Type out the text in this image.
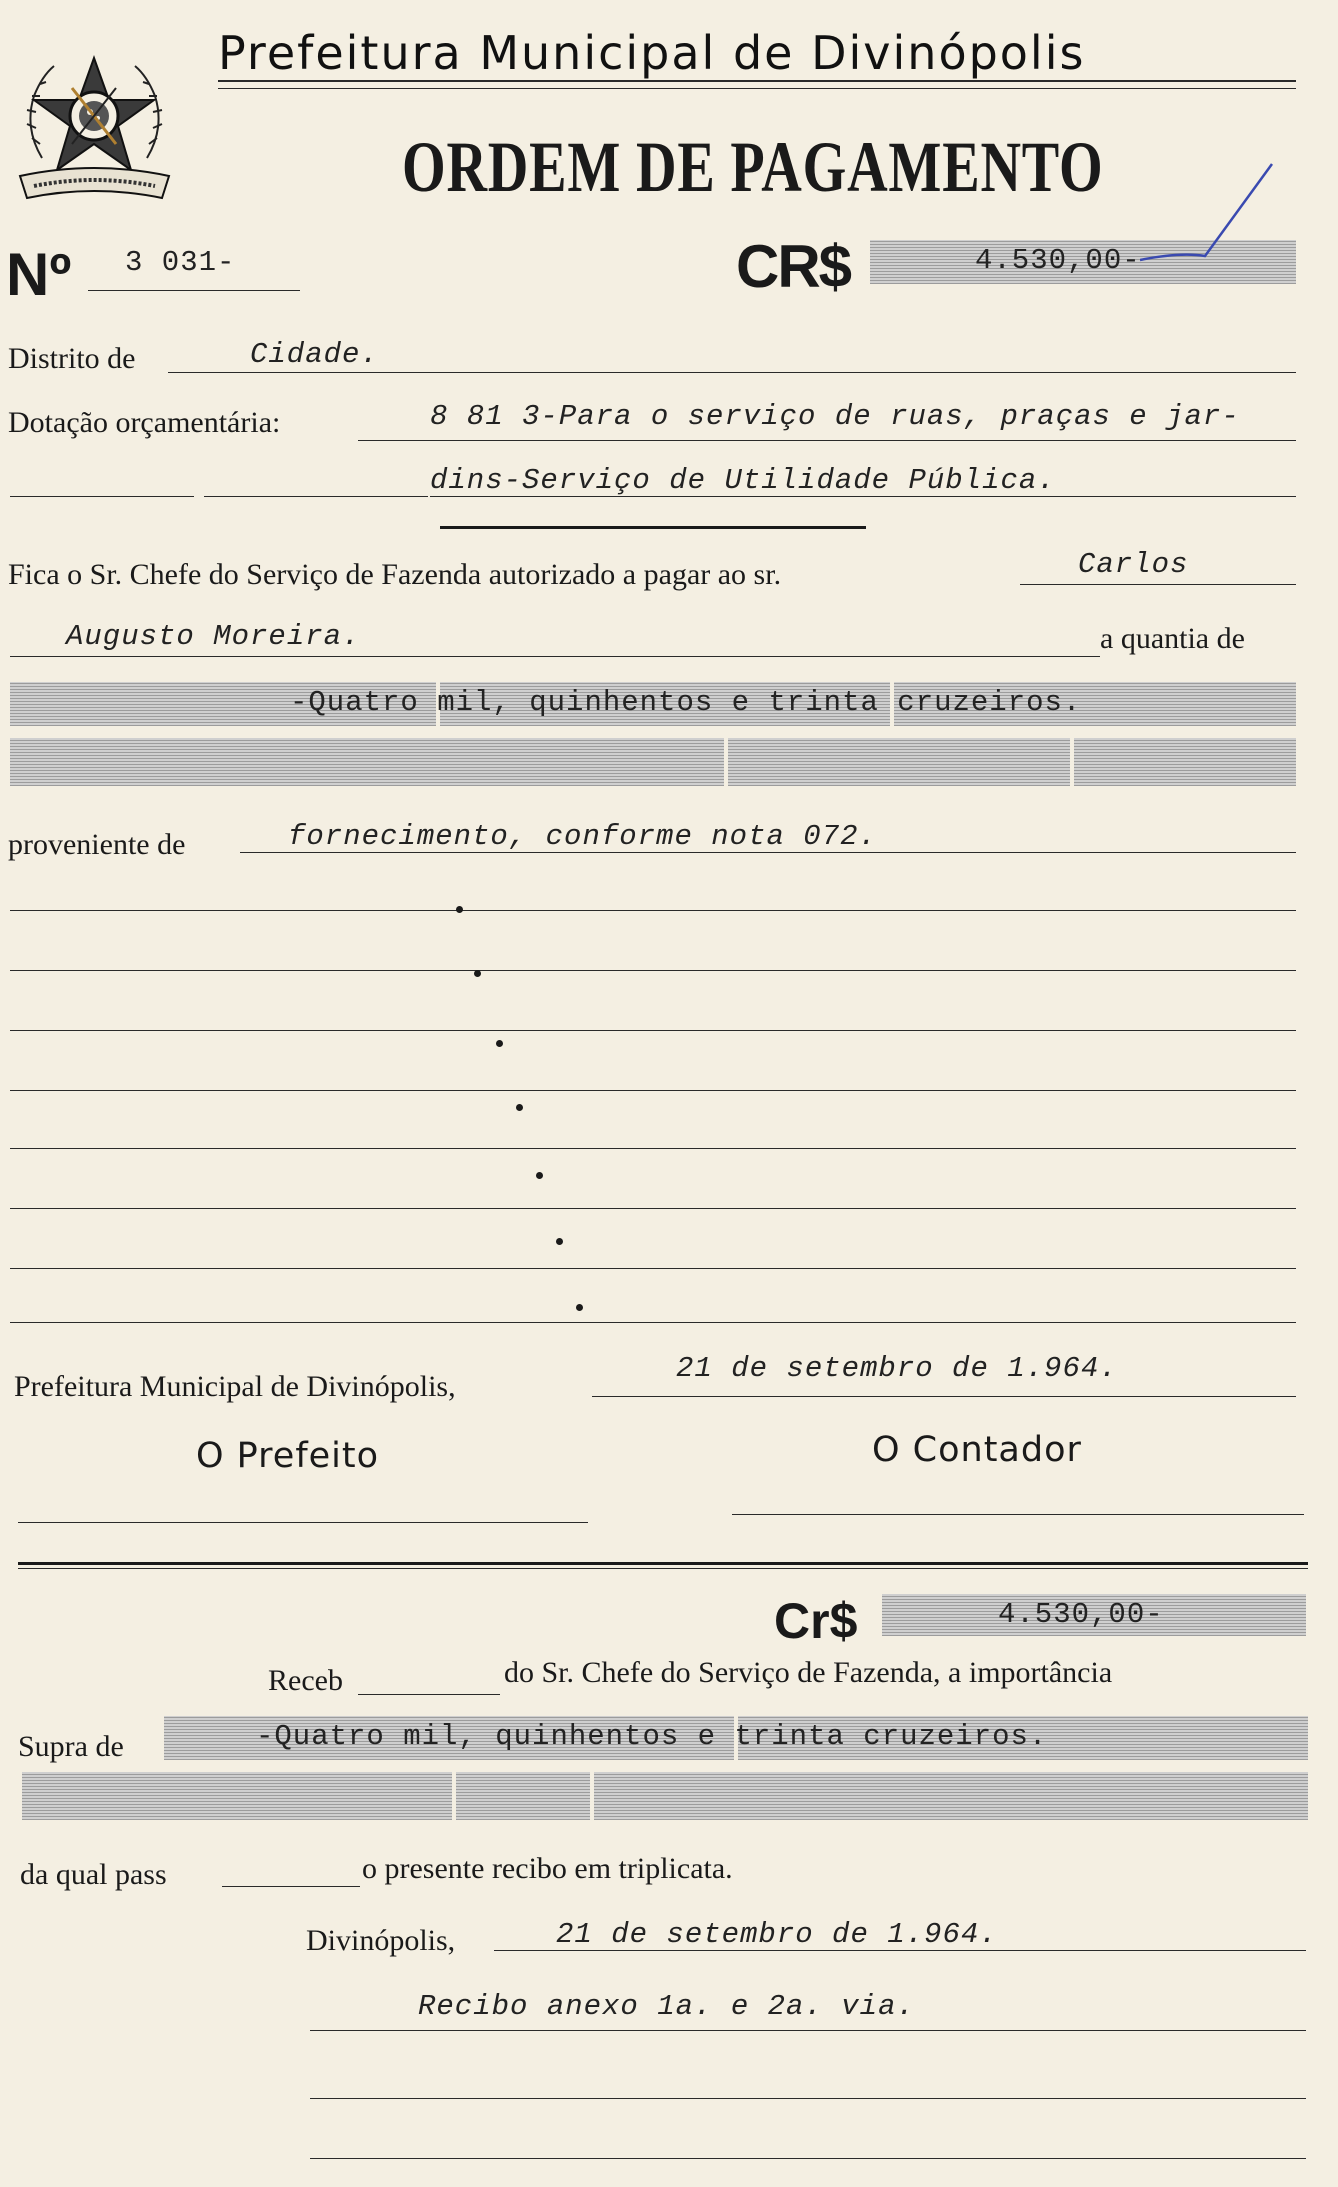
Prefeitura Municipal de Divinópolis
ORDEM DE PAGAMENTO
Nº 3 031-	CR$	4.530,00-
Distrito de	Cidade.
Dotação orçamentária:	8 81 3-Para o serviço de ruas, praças e jar-
dins-Serviço de Utilidade Pública.
Fica o Sr. Chefe do Serviço de Fazenda autorizado a pagar ao sr.	Carlos
Augusto Moreira.	a quantia de
-Quatro mil, quinhentos e trinta cruzeiros.
proveniente de	fornecimento, conforme nota 072.
Prefeitura Municipal de Divinópolis,
21 de setembro de 1.964.
O Prefeito	O Contador
Cr$	4.530,00-
Receb	do Sr. Chefe do Serviço de Fazenda, a importância
Supra de	-Quatro mil, quinhentos e trinta cruzeiros.
da qual pass	o presente recibo em triplicata.
Divinópolis,	21 de setembro de 1.964.
Recibo anexo 1a. e 2a. via.
